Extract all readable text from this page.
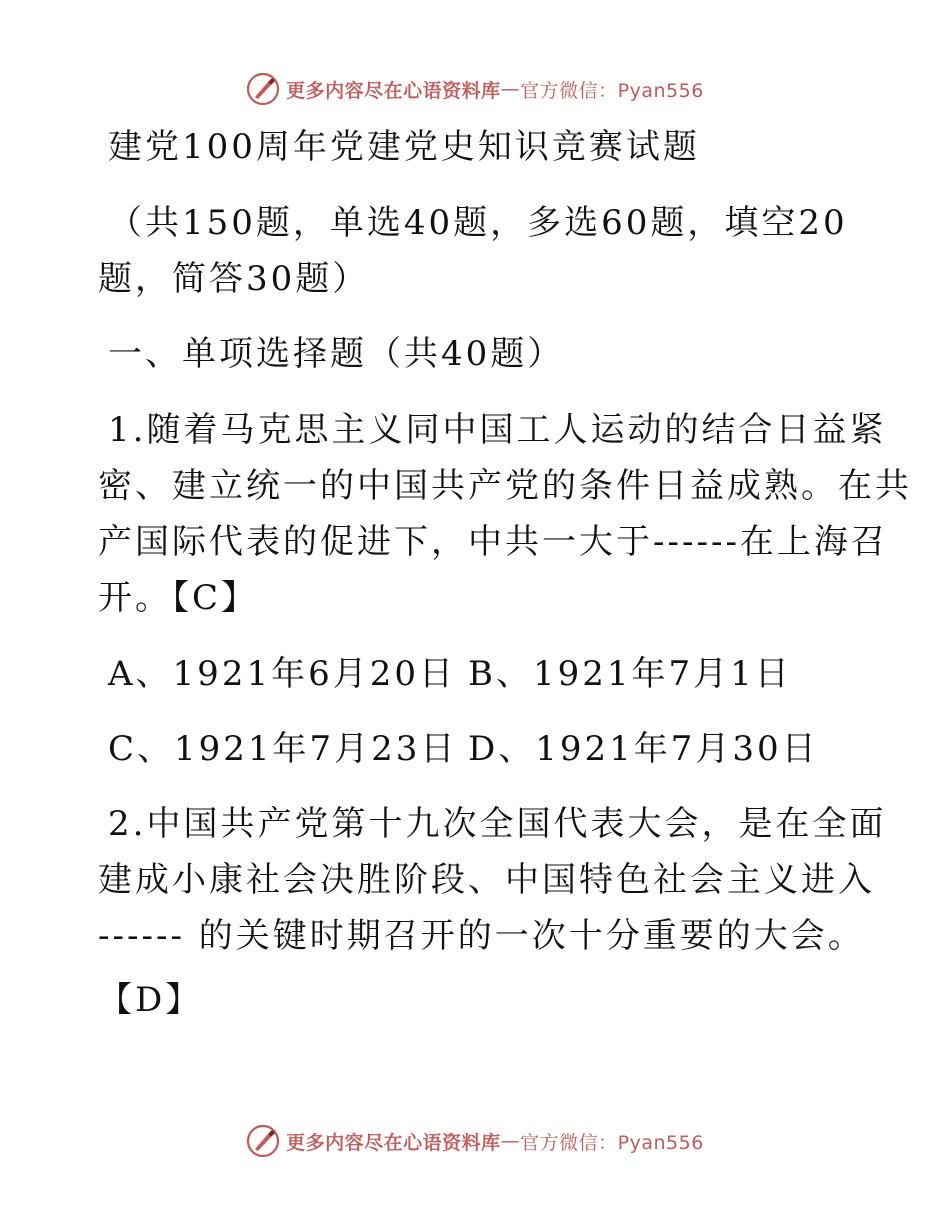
更多内容尽在心语资料库 — 官方微信：Pyan556
建党100周年党建党史知识竞赛试题
（共150题，单选40题，多选60题，填空20
题，简答30题）
一、单项选择题（共40题）
1.随着马克思主义同中国工人运动的结合日益紧
密、建立统一的中国共产党的条件日益成熟。在共
产国际代表的促进下，中共一大于------在上海召
开。【C】
A、1921年6月20日 B、1921年7月1日
C、1921年7月23日 D、1921年7月30日
2.中国共产党第十九次全国代表大会，是在全面
建成小康社会决胜阶段、中国特色社会主义进入
------ 的关键时期召开的一次十分重要的大会。
【D】
更多内容尽在心语资料库 — 官方微信：Pyan556
